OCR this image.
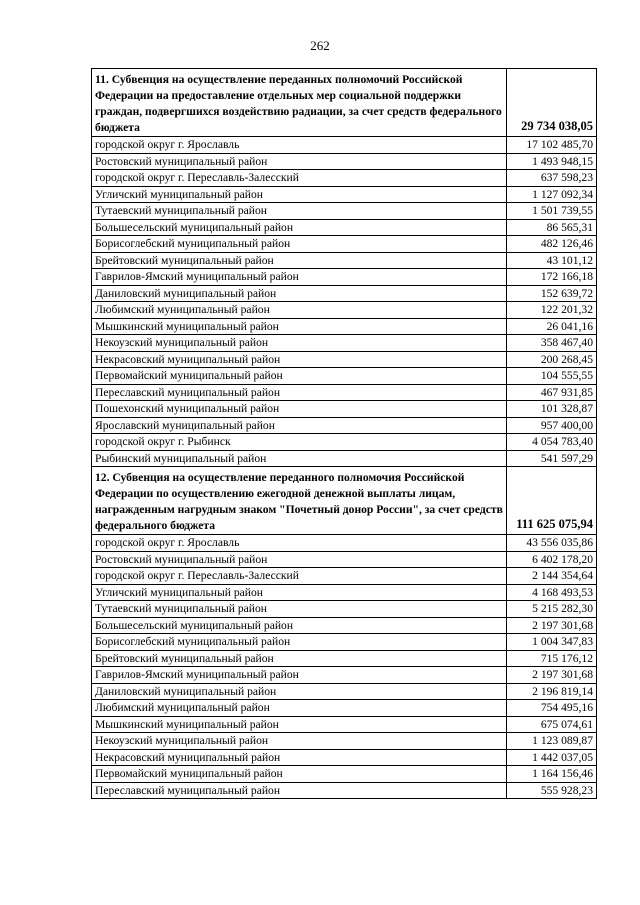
262
11. Субвенция на осуществление переданных полномочий Российской Федерации на предоставление отдельных мер социальной поддержки граждан, подвергшихся воздействию радиации, за счет средств федерального бюджета	29 734 038,05
городской округ г. Ярославль	17 102 485,70
Ростовский муниципальный район	1 493 948,15
городской округ г. Переславль-Залесский	637 598,23
Угличский муниципальный район	1 127 092,34
Тутаевский муниципальный район	1 501 739,55
Большесельский муниципальный район	86 565,31
Борисоглебский муниципальный район	482 126,46
Брейтовский муниципальный район	43 101,12
Гаврилов-Ямский муниципальный район	172 166,18
Даниловский муниципальный район	152 639,72
Любимский муниципальный район	122 201,32
Мышкинский муниципальный район	26 041,16
Некоузский муниципальный район	358 467,40
Некрасовский муниципальный район	200 268,45
Первомайский муниципальный район	104 555,55
Переславский муниципальный район	467 931,85
Пошехонский муниципальный район	101 328,87
Ярославский муниципальный район	957 400,00
городской округ г. Рыбинск	4 054 783,40
Рыбинский муниципальный район	541 597,29
12. Субвенция на осуществление переданного полномочия Российской Федерации по осуществлению ежегодной денежной выплаты лицам, награжденным нагрудным знаком "Почетный донор России", за счет средств федерального бюджета	111 625 075,94
городской округ г. Ярославль	43 556 035,86
Ростовский муниципальный район	6 402 178,20
городской округ г. Переславль-Залесский	2 144 354,64
Угличский муниципальный район	4 168 493,53
Тутаевский муниципальный район	5 215 282,30
Большесельский муниципальный район	2 197 301,68
Борисоглебский муниципальный район	1 004 347,83
Брейтовский муниципальный район	715 176,12
Гаврилов-Ямский муниципальный район	2 197 301,68
Даниловский муниципальный район	2 196 819,14
Любимский муниципальный район	754 495,16
Мышкинский муниципальный район	675 074,61
Некоузский муниципальный район	1 123 089,87
Некрасовский муниципальный район	1 442 037,05
Первомайский муниципальный район	1 164 156,46
Переславский муниципальный район	555 928,23
